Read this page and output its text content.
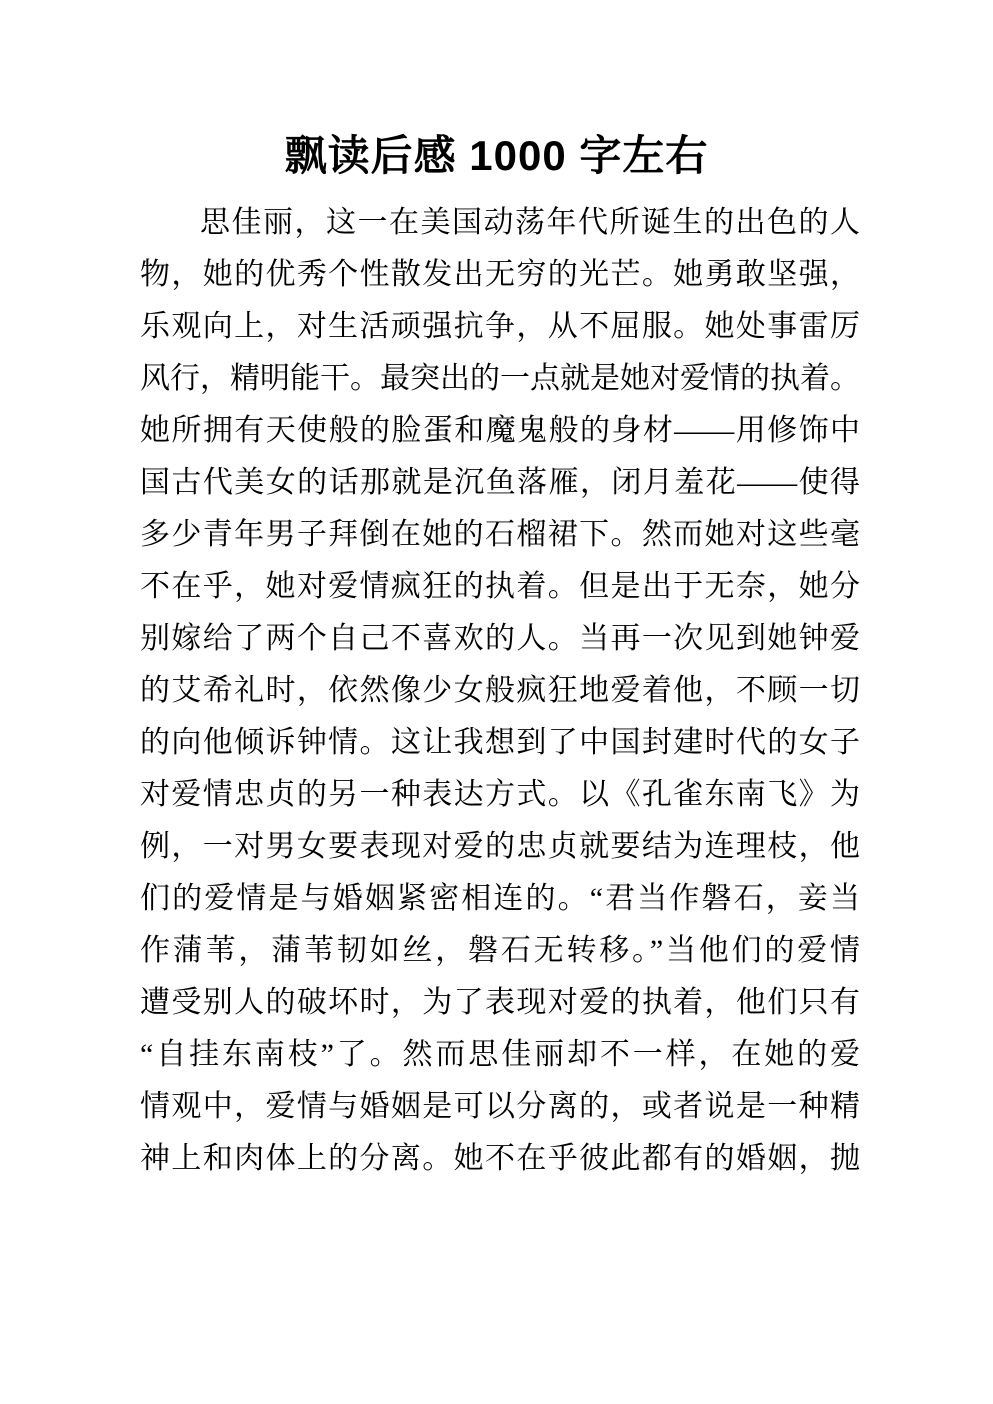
飘读后感 1000 字左右
思佳丽，这一在美国动荡年代所诞生的出色的人
物，她的优秀个性散发出无穷的光芒。她勇敢坚强，
乐观向上，对生活顽强抗争，从不屈服。她处事雷厉
风行，精明能干。最突出的一点就是她对爱情的执着。
她所拥有天使般的脸蛋和魔鬼般的身材——用修饰中
国古代美女的话那就是沉鱼落雁，闭月羞花——使得
多少青年男子拜倒在她的石榴裙下。然而她对这些毫
不在乎，她对爱情疯狂的执着。但是出于无奈，她分
别嫁给了两个自己不喜欢的人。当再一次见到她钟爱
的艾希礼时，依然像少女般疯狂地爱着他，不顾一切
的向他倾诉钟情。这让我想到了中国封建时代的女子
对爱情忠贞的另一种表达方式。以《孔雀东南飞》为
例，一对男女要表现对爱的忠贞就要结为连理枝，他
们的爱情是与婚姻紧密相连的。“君当作磐石，妾当
作蒲苇，蒲苇韧如丝，磐石无转移。”当他们的爱情
遭受别人的破坏时，为了表现对爱的执着，他们只有
“自挂东南枝”了。然而思佳丽却不一样，在她的爱
情观中，爱情与婚姻是可以分离的，或者说是一种精
神上和肉体上的分离。她不在乎彼此都有的婚姻，抛
